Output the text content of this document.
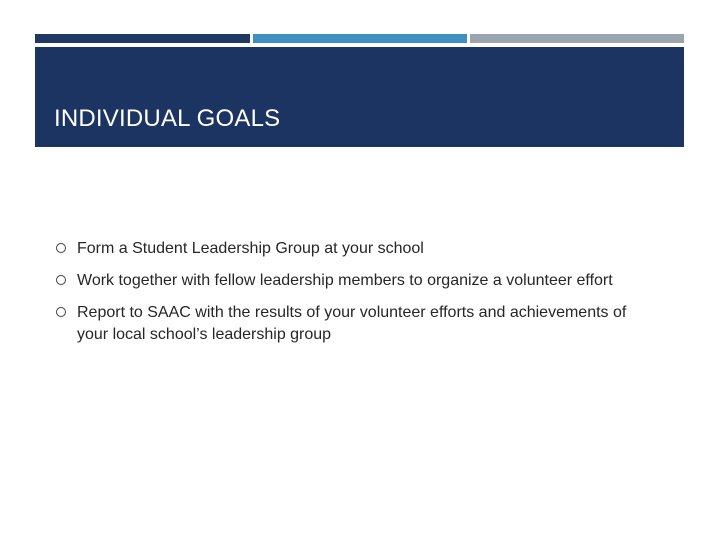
INDIVIDUAL GOALS
Form a Student Leadership Group at your school
Work together with fellow leadership members to organize a volunteer effort
Report to SAAC with the results of your volunteer efforts and achievements of your local school’s leadership group
